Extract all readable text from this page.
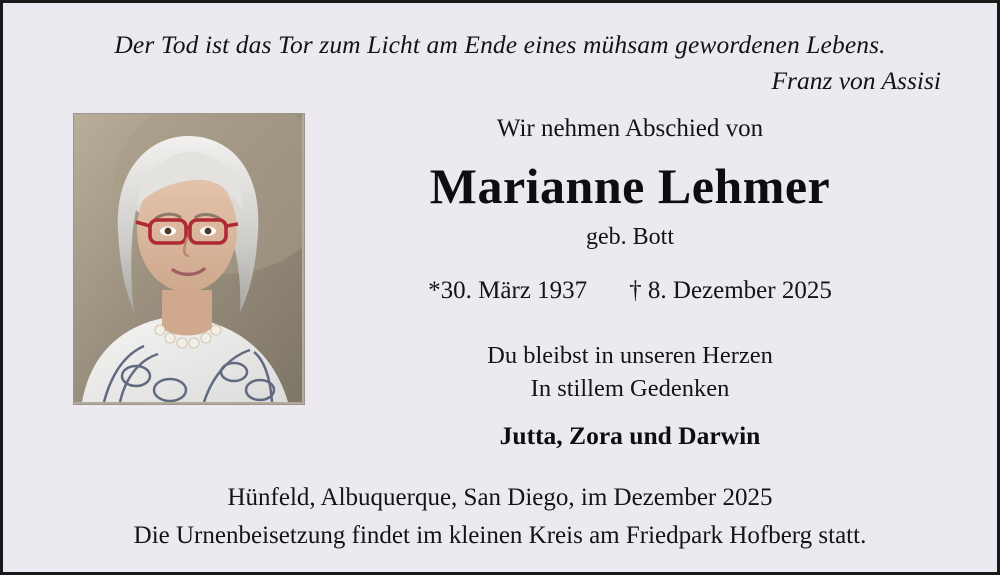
Der Tod ist das Tor zum Licht am Ende eines mühsam gewordenen Lebens.
Franz von Assisi
Wir nehmen Abschied von
Marianne Lehmer
geb. Bott
*30. März 1937 † 8. Dezember 2025
Du bleibst in unseren Herzen
In stillem Gedenken
Jutta, Zora und Darwin
Hünfeld, Albuquerque, San Diego, im Dezember 2025
Die Urnenbeisetzung findet im kleinen Kreis am Friedpark Hofberg statt.
